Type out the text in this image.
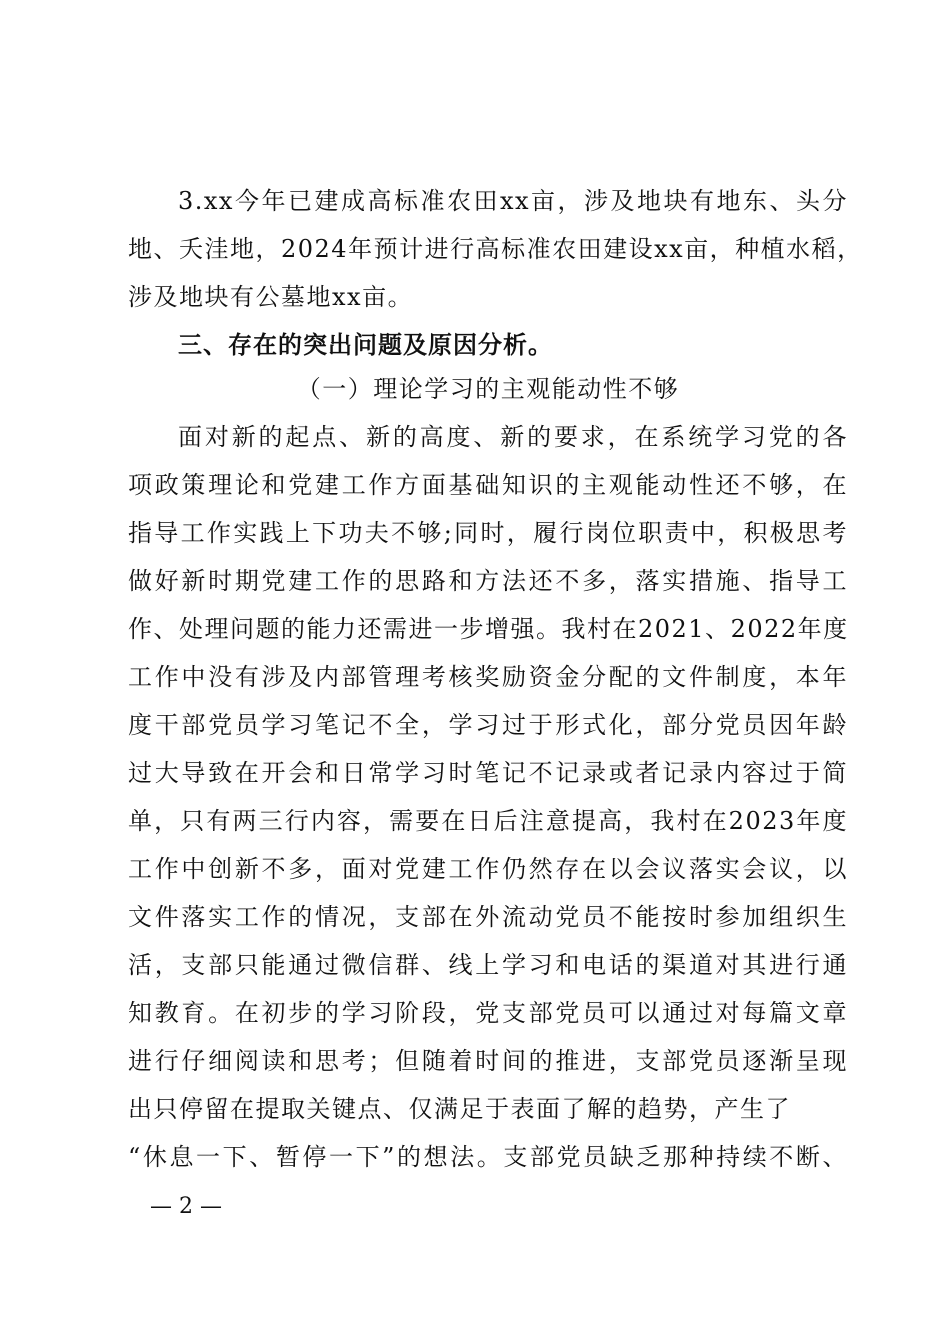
3.xx今年已建成高标准农田xx亩，涉及地块有地东、头分
地、夭洼地，2024年预计进行高标准农田建设xx亩，种植水稻，
涉及地块有公墓地xx亩。
三、存在的突出问题及原因分析。
（一）理论学习的主观能动性不够
面对新的起点、新的高度、新的要求，在系统学习党的各
项政策理论和党建工作方面基础知识的主观能动性还不够，在
指导工作实践上下功夫不够;同时，履行岗位职责中，积极思考
做好新时期党建工作的思路和方法还不多，落实措施、指导工
作、处理问题的能力还需进一步增强。我村在2021、2022年度
工作中没有涉及内部管理考核奖励资金分配的文件制度，本年
度干部党员学习笔记不全，学习过于形式化，部分党员因年龄
过大导致在开会和日常学习时笔记不记录或者记录内容过于简
单，只有两三行内容，需要在日后注意提高，我村在2023年度
工作中创新不多，面对党建工作仍然存在以会议落实会议，以
文件落实工作的情况，支部在外流动党员不能按时参加组织生
活，支部只能通过微信群、线上学习和电话的渠道对其进行通
知教育。在初步的学习阶段，党支部党员可以通过对每篇文章
进行仔细阅读和思考；但随着时间的推进，支部党员逐渐呈现
出只停留在提取关键点、仅满足于表面了解的趋势，产生了
“休息一下、暂停一下”的想法。支部党员缺乏那种持续不断、
— 2 —
